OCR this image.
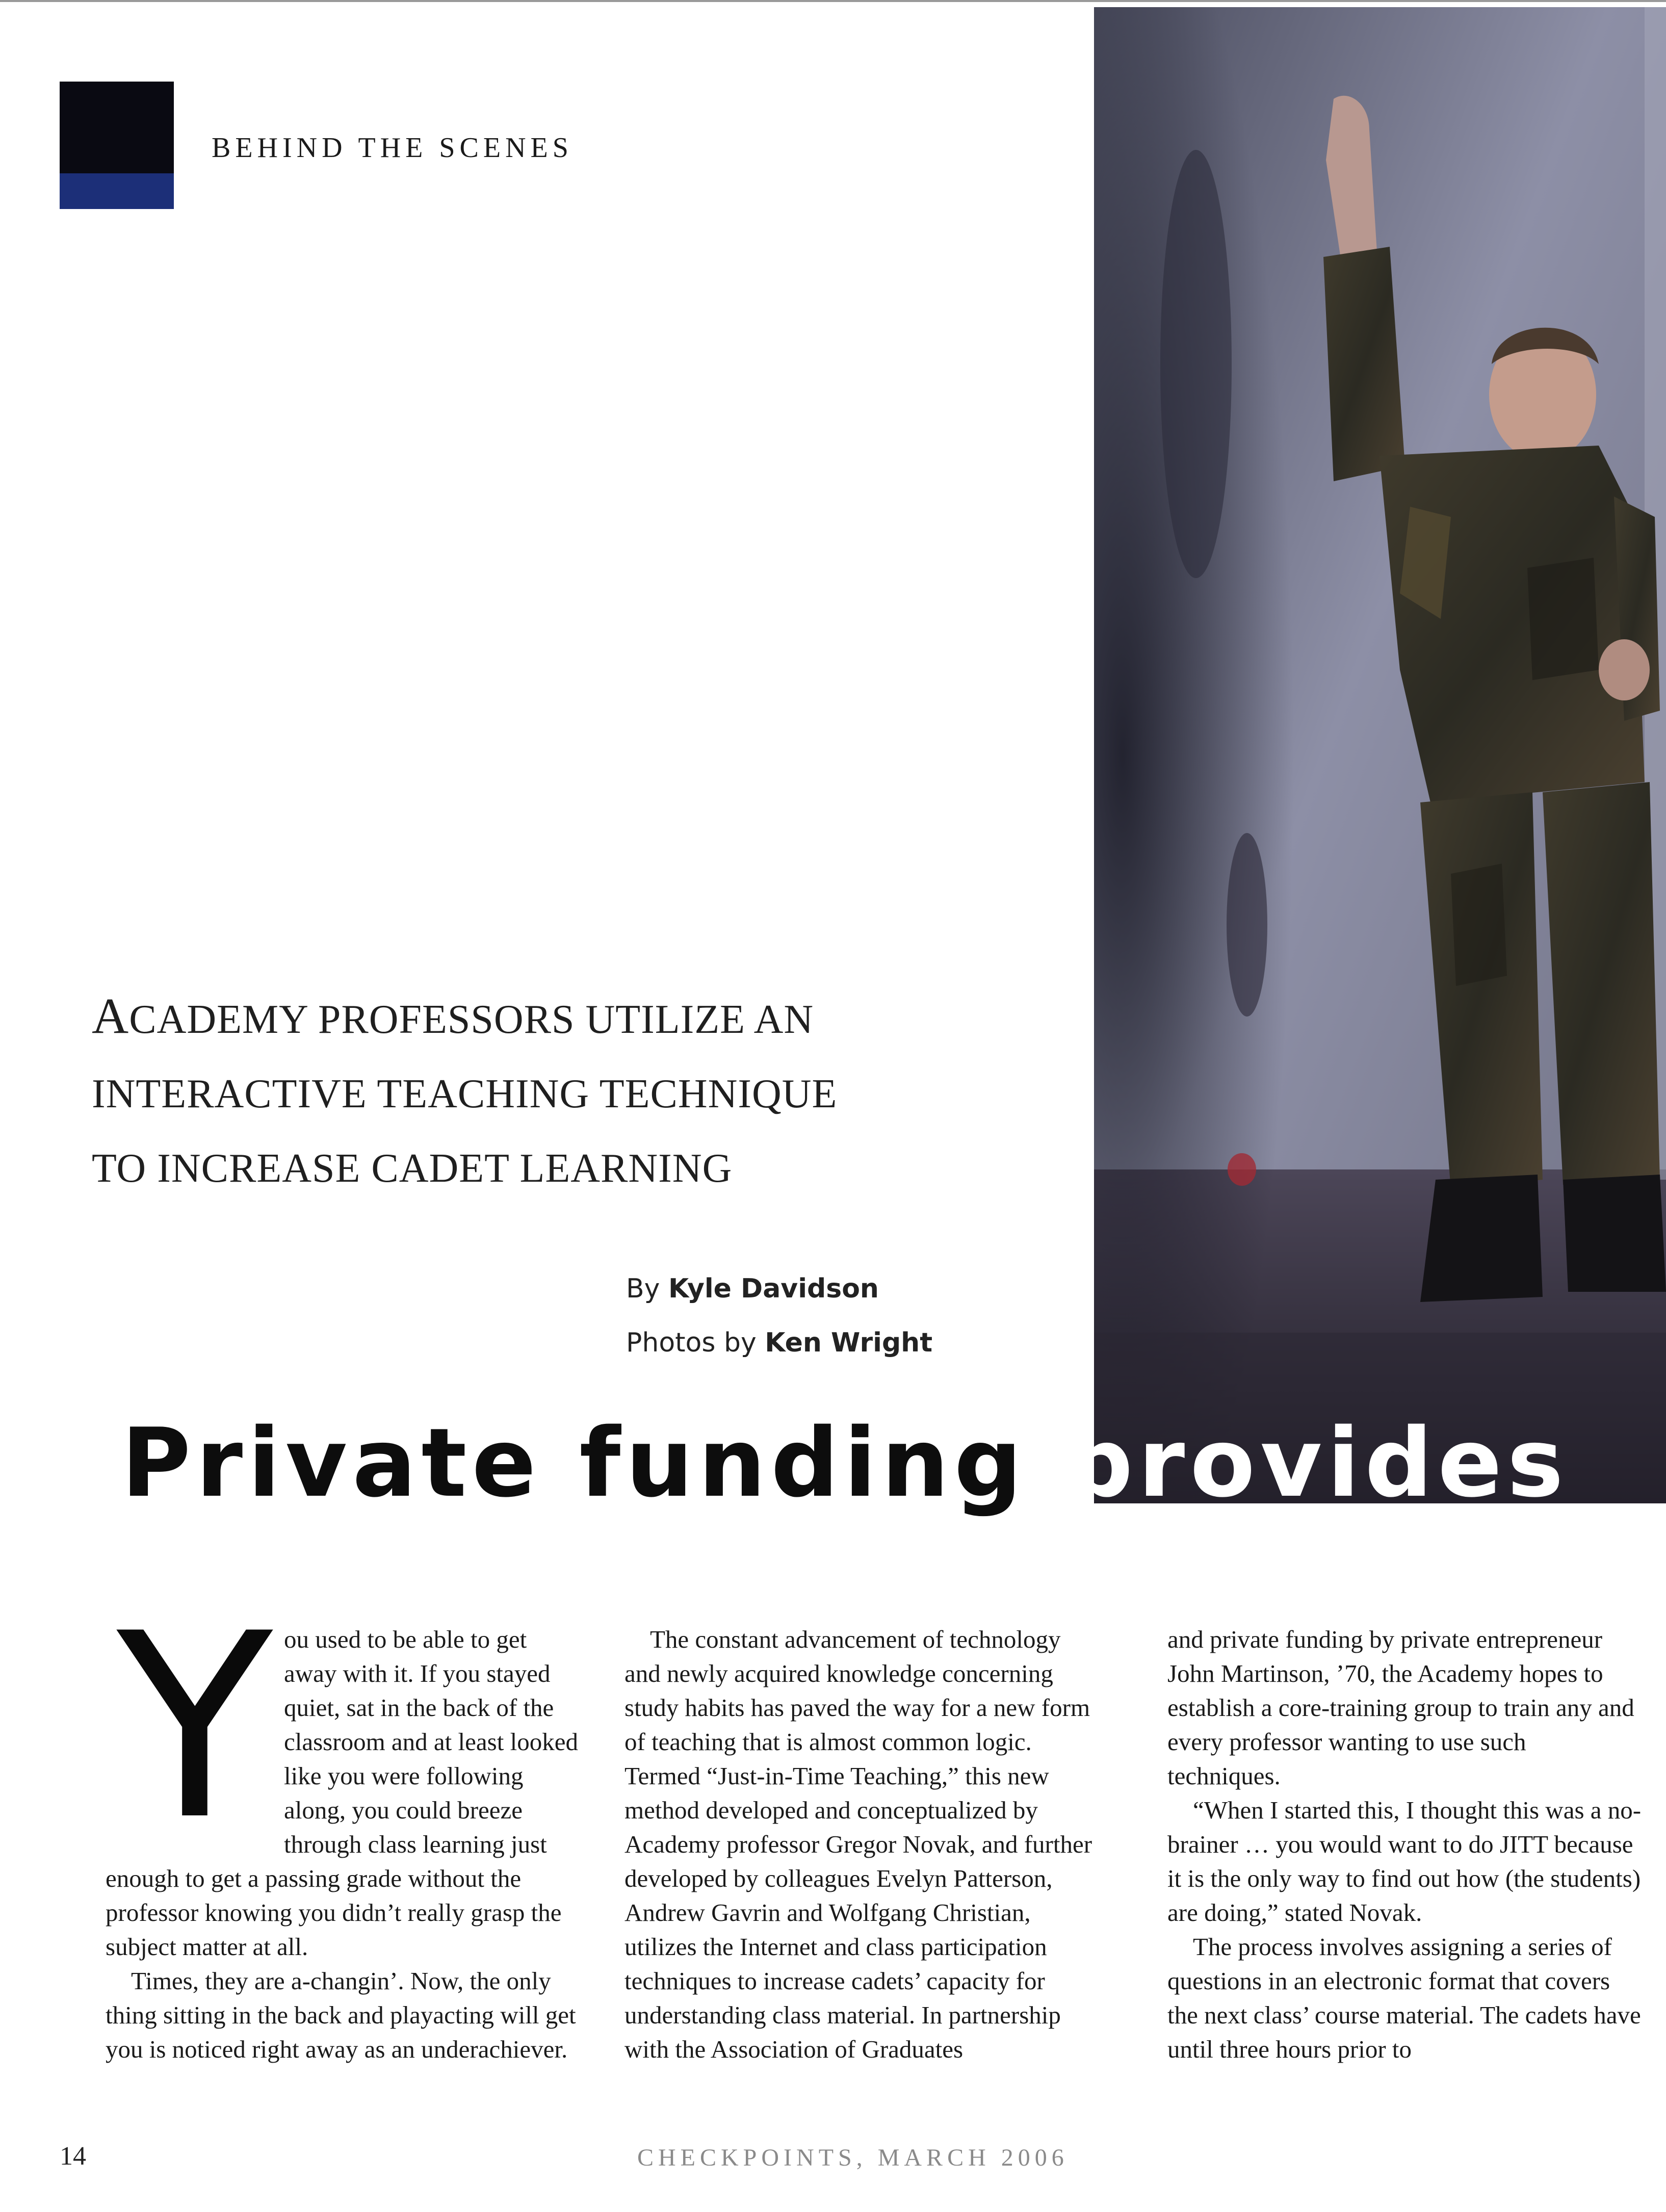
BEHIND THE SCENES
ACADEMY PROFESSORS UTILIZE AN
INTERACTIVE TEACHING TECHNIQUE
TO INCREASE CADET LEARNING
By Kyle Davidson
Photos by Ken Wright
Private funding provides
Y ou used to be able to get away with it. If you stayed quiet, sat in the back of the classroom and at least looked like you were following along, you could breeze through class learning just enough to get a passing grade without the professor knowing you didn’t really grasp the subject matter at all.

Times, they are a-changin’. Now, the only thing sitting in the back and playacting will get you is noticed right away as an underachiever.

The constant advancement of technology and newly acquired knowledge concerning study habits has paved the way for a new form of teaching that is almost common logic. Termed “Just-in-Time Teaching,” this new method developed and conceptualized by Academy professor Gregor Novak, and further developed by colleagues Evelyn Patterson, Andrew Gavrin and Wolfgang Christian, utilizes the Internet and class participation techniques to increase cadets’ capacity for understanding class material. In partnership with the Association of Graduates

and private funding by private entrepreneur John Martinson, ’70, the Academy hopes to establish a core-training group to train any and every professor wanting to use such techniques.

“When I started this, I thought this was a no-brainer … you would want to do JITT because it is the only way to find out how (the students) are doing,” stated Novak.

The process involves assigning a series of questions in an electronic format that covers the next class’ course material. The cadets have until three hours prior to

14	CHECKPOINTS, MARCH 2006
